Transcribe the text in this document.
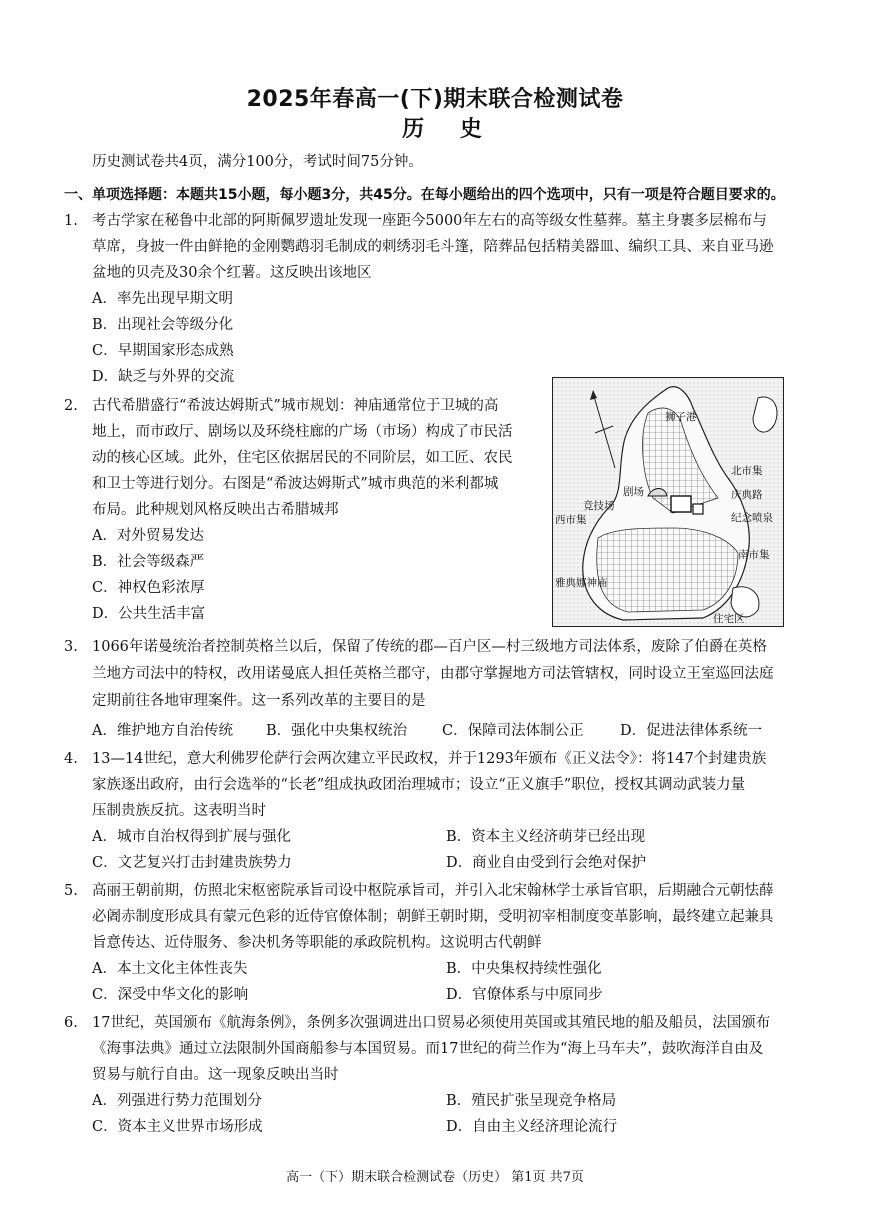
2025年春高一(下)期末联合检测试卷
历 史
历史测试卷共4页，满分100分，考试时间75分钟。
一、单项选择题：本题共15小题，每小题3分，共45分。在每小题给出的四个选项中，只有一项是符合题目要求的。
1. 考古学家在秘鲁中北部的阿斯佩罗遗址发现一座距今5000年左右的高等级女性墓葬。墓主身裹多层棉布与
草席，身披一件由鲜艳的金刚鹦鹉羽毛制成的刺绣羽毛斗篷，陪葬品包括精美器皿、编织工具、来自亚马逊
盆地的贝壳及30余个红薯。这反映出该地区
A．率先出现早期文明
B．出现社会等级分化
C．早期国家形态成熟
D．缺乏与外界的交流
2. 古代希腊盛行“希波达姆斯式”城市规划：神庙通常位于卫城的高
地上，而市政厅、剧场以及环绕柱廊的广场（市场）构成了市民活
动的核心区域。此外，住宅区依据居民的不同阶层，如工匠、农民
和卫士等进行划分。右图是“希波达姆斯式”城市典范的米利都城
布局。此种规划风格反映出古希腊城邦
A．对外贸易发达
B．社会等级森严
C．神权色彩浓厚
D．公共生活丰富
狮子港
北市集
庆典路
纪念喷泉
剧场
竞技场
西市集
南市集
雅典娜神庙
住宅区
3. 1066年诺曼统治者控制英格兰以后，保留了传统的郡—百户区—村三级地方司法体系，废除了伯爵在英格
兰地方司法中的特权，改用诺曼底人担任英格兰郡守，由郡守掌握地方司法管辖权，同时设立王室巡回法庭
定期前往各地审理案件。这一系列改革的主要目的是
A．维护地方自治传统 B．强化中央集权统治 C．保障司法体制公正	D．促进法律体系统一
4. 13—14世纪，意大利佛罗伦萨行会两次建立平民政权，并于1293年颁布《正义法令》：将147个封建贵族
家族逐出政府，由行会选举的“长老”组成执政团治理城市；设立“正义旗手”职位，授权其调动武装力量
压制贵族反抗。这表明当时
A．城市自治权得到扩展与强化	B．资本主义经济萌芽已经出现
C．文艺复兴打击封建贵族势力	D．商业自由受到行会绝对保护
5. 高丽王朝前期，仿照北宋枢密院承旨司设中枢院承旨司，并引入北宋翰林学士承旨官职，后期融合元朝怯薛
必阇赤制度形成具有蒙元色彩的近侍官僚体制；朝鲜王朝时期，受明初宰相制度变革影响，最终建立起兼具
旨意传达、近侍服务、参决机务等职能的承政院机构。这说明古代朝鲜
A．本土文化主体性丧失	B．中央集权持续性强化
C．深受中华文化的影响	D．官僚体系与中原同步
6. 17世纪，英国颁布《航海条例》，条例多次强调进出口贸易必须使用英国或其殖民地的船及船员，法国颁布
《海事法典》通过立法限制外国商船参与本国贸易。而17世纪的荷兰作为“海上马车夫”，鼓吹海洋自由及
贸易与航行自由。这一现象反映出当时
A．列强进行势力范围划分	B．殖民扩张呈现竞争格局
C．资本主义世界市场形成	D．自由主义经济理论流行
高一（下）期末联合检测试卷（历史） 第1页 共7页
